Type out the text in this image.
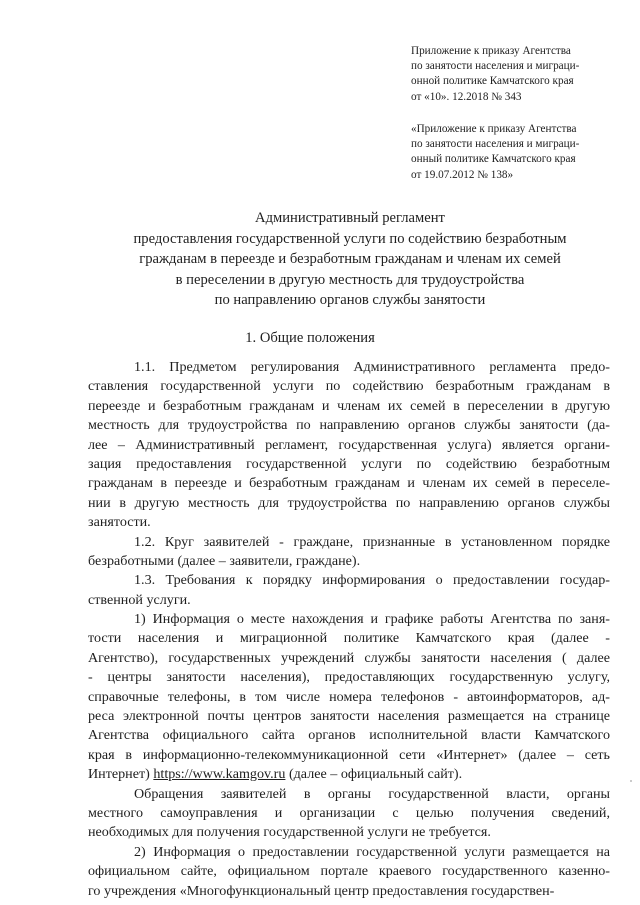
Приложение к приказу Агентства
по занятости населения и миграци-
онной политике Камчатского края
от «10». 12.2018 № 343
«Приложение к приказу Агентства
по занятости населения и миграци-
онный политике Камчатского края
от 19.07.2012 № 138»
Административный регламент
предоставления государственной услуги по содействию безработным
гражданам в переезде и безработным гражданам и членам их семей
в переселении в другую местность для трудоустройства
по направлению органов службы занятости
1. Общие положения
1.1. Предметом регулирования Административного регламента предо-
ставления государственной услуги по содействию безработным гражданам в
переезде и безработным гражданам и членам их семей в переселении в другую
местность для трудоустройства по направлению органов службы занятости (да-
лее – Административный регламент, государственная услуга) является органи-
зация предоставления государственной услуги по содействию безработным
гражданам в переезде и безработным гражданам и членам их семей в переселе-
нии в другую местность для трудоустройства по направлению органов службы
занятости.
1.2. Круг заявителей - граждане, признанные в установленном порядке
безработными (далее – заявители, граждане).
1.3. Требования к порядку информирования о предоставлении государ-
ственной услуги.
1) Информация о месте нахождения и графике работы Агентства по заня-
тости населения и миграционной политике Камчатского края (далее -
Агентство), государственных учреждений службы занятости населения ( далее
- центры занятости населения), предоставляющих государственную услугу,
справочные телефоны, в том числе номера телефонов - автоинформаторов, ад-
реса электронной почты центров занятости населения размещается на странице
Агентства официального сайта органов исполнительной власти Камчатского
края в информационно-телекоммуникационной сети «Интернет» (далее – сеть
Интернет) https://www.kamgov.ru (далее – официальный сайт).
Обращения заявителей в органы государственной власти, органы
местного самоуправления и организации с целью получения сведений,
необходимых для получения государственной услуги не требуется.
2) Информация о предоставлении государственной услуги размещается на
официальном сайте, официальном портале краевого государственного казенно-
го учреждения «Многофункциональный центр предоставления государствен-
